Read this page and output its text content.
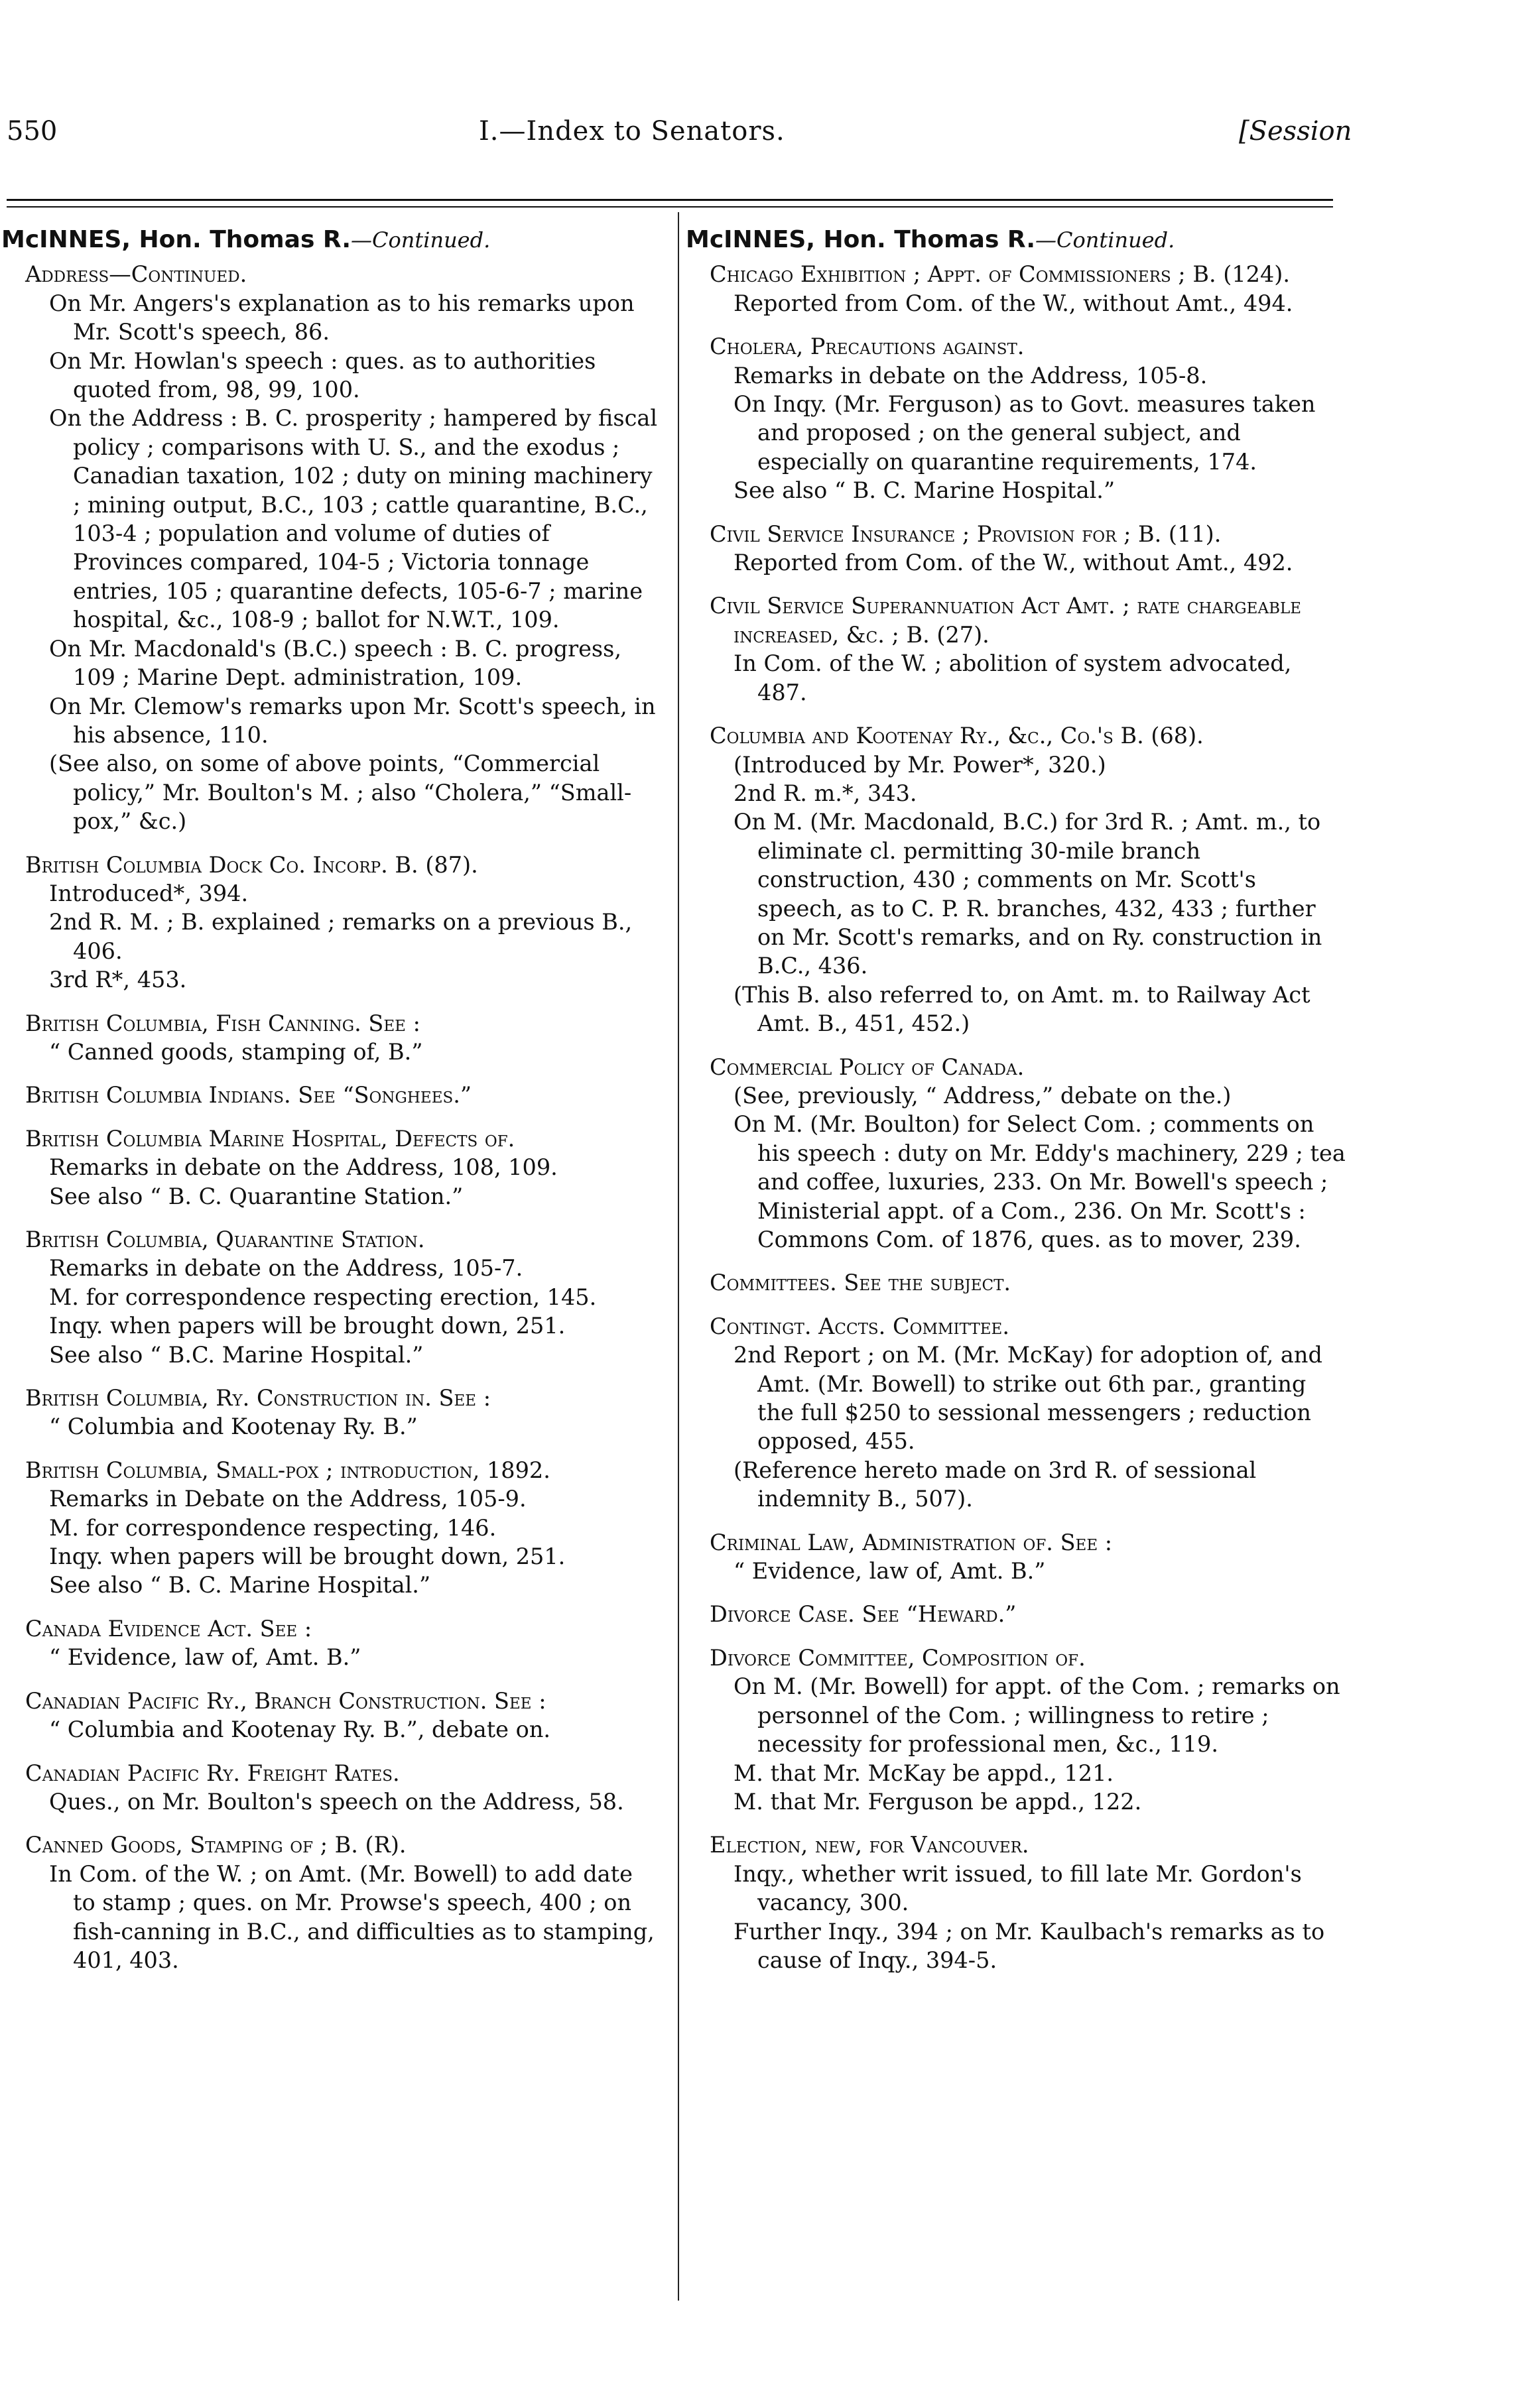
550	I.—Index to Senators.	[Session
McINNES, Hon. Thomas R.—Continued.
Address—Continued.
On Mr. Angers's explanation as to his remarks upon Mr. Scott's speech, 86.
On Mr. Howlan's speech : ques. as to authorities quoted from, 98, 99, 100.
On the Address : B. C. prosperity ; hampered by fiscal policy ; comparisons with U. S., and the exodus ; Canadian taxation, 102 ; duty on mining machinery ; mining output, B.C., 103 ; cattle quarantine, B.C., 103-4 ; population and volume of duties of Provinces compared, 104-5 ; Victoria tonnage entries, 105 ; quarantine defects, 105-6-7 ; marine hospital, &c., 108-9 ; ballot for N.W.T., 109.
On Mr. Macdonald's (B.C.) speech : B. C. progress, 109 ; Marine Dept. administration, 109.
On Mr. Clemow's remarks upon Mr. Scott's speech, in his absence, 110.
(See also, on some of above points, “Commercial policy,” Mr. Boulton's M. ; also “Cholera,” “Small-pox,” &c.)
British Columbia Dock Co. Incorp. B. (87).
Introduced*, 394.
2nd R. M. ; B. explained ; remarks on a previous B., 406.
3rd R*, 453.
British Columbia, Fish Canning. See :
“ Canned goods, stamping of, B.”
British Columbia Indians. See “Songhees.”
British Columbia Marine Hospital, Defects of.
Remarks in debate on the Address, 108, 109.
See also “ B. C. Quarantine Station.”
British Columbia, Quarantine Station.
Remarks in debate on the Address, 105-7.
M. for correspondence respecting erection, 145.
Inqy. when papers will be brought down, 251.
See also “ B.C. Marine Hospital.”
British Columbia, Ry. Construction in. See :
“ Columbia and Kootenay Ry. B.”
British Columbia, Small-pox ; introduction, 1892.
Remarks in Debate on the Address, 105-9.
M. for correspondence respecting, 146.
Inqy. when papers will be brought down, 251.
See also “ B. C. Marine Hospital.”
Canada Evidence Act. See :
“ Evidence, law of, Amt. B.”
Canadian Pacific Ry., Branch Construction. See :
“ Columbia and Kootenay Ry. B.”, debate on.
Canadian Pacific Ry. Freight Rates.
Ques., on Mr. Boulton's speech on the Address, 58.
Canned Goods, Stamping of ; B. (R).
In Com. of the W. ; on Amt. (Mr. Bowell) to add date to stamp ; ques. on Mr. Prowse's speech, 400 ; on fish-canning in B.C., and difficulties as to stamping, 401, 403.
McINNES, Hon. Thomas R.—Continued.
Chicago Exhibition ; Appt. of Commissioners ; B. (124).
Reported from Com. of the W., without Amt., 494.
Cholera, Precautions against.
Remarks in debate on the Address, 105-8.
On Inqy. (Mr. Ferguson) as to Govt. measures taken and proposed ; on the general subject, and especially on quarantine requirements, 174.
See also “ B. C. Marine Hospital.”
Civil Service Insurance ; Provision for ; B. (11).
Reported from Com. of the W., without Amt., 492.
Civil Service Superannuation Act Amt. ; rate chargeable increased, &c. ; B. (27).
In Com. of the W. ; abolition of system advocated, 487.
Columbia and Kootenay Ry., &c., Co.'s B. (68).
(Introduced by Mr. Power*, 320.)
2nd R. m.*, 343.
On M. (Mr. Macdonald, B.C.) for 3rd R. ; Amt. m., to eliminate cl. permitting 30-mile branch construction, 430 ; comments on Mr. Scott's speech, as to C. P. R. branches, 432, 433 ; further on Mr. Scott's remarks, and on Ry. construction in B.C., 436.
(This B. also referred to, on Amt. m. to Railway Act Amt. B., 451, 452.)
Commercial Policy of Canada.
(See, previously, “ Address,” debate on the.)
On M. (Mr. Boulton) for Select Com. ; comments on his speech : duty on Mr. Eddy's machinery, 229 ; tea and coffee, luxuries, 233. On Mr. Bowell's speech ; Ministerial appt. of a Com., 236. On Mr. Scott's : Commons Com. of 1876, ques. as to mover, 239.
Committees. See the subject.
Contingt. Accts. Committee.
2nd Report ; on M. (Mr. McKay) for adoption of, and Amt. (Mr. Bowell) to strike out 6th par., granting the full $250 to sessional messengers ; reduction opposed, 455.
(Reference hereto made on 3rd R. of sessional indemnity B., 507).
Criminal Law, Administration of. See :
“ Evidence, law of, Amt. B.”
Divorce Case. See “Heward.”
Divorce Committee, Composition of.
On M. (Mr. Bowell) for appt. of the Com. ; remarks on personnel of the Com. ; willingness to retire ; necessity for professional men, &c., 119.
M. that Mr. McKay be appd., 121.
M. that Mr. Ferguson be appd., 122.
Election, new, for Vancouver.
Inqy., whether writ issued, to fill late Mr. Gordon's vacancy, 300.
Further Inqy., 394 ; on Mr. Kaulbach's remarks as to cause of Inqy., 394-5.
